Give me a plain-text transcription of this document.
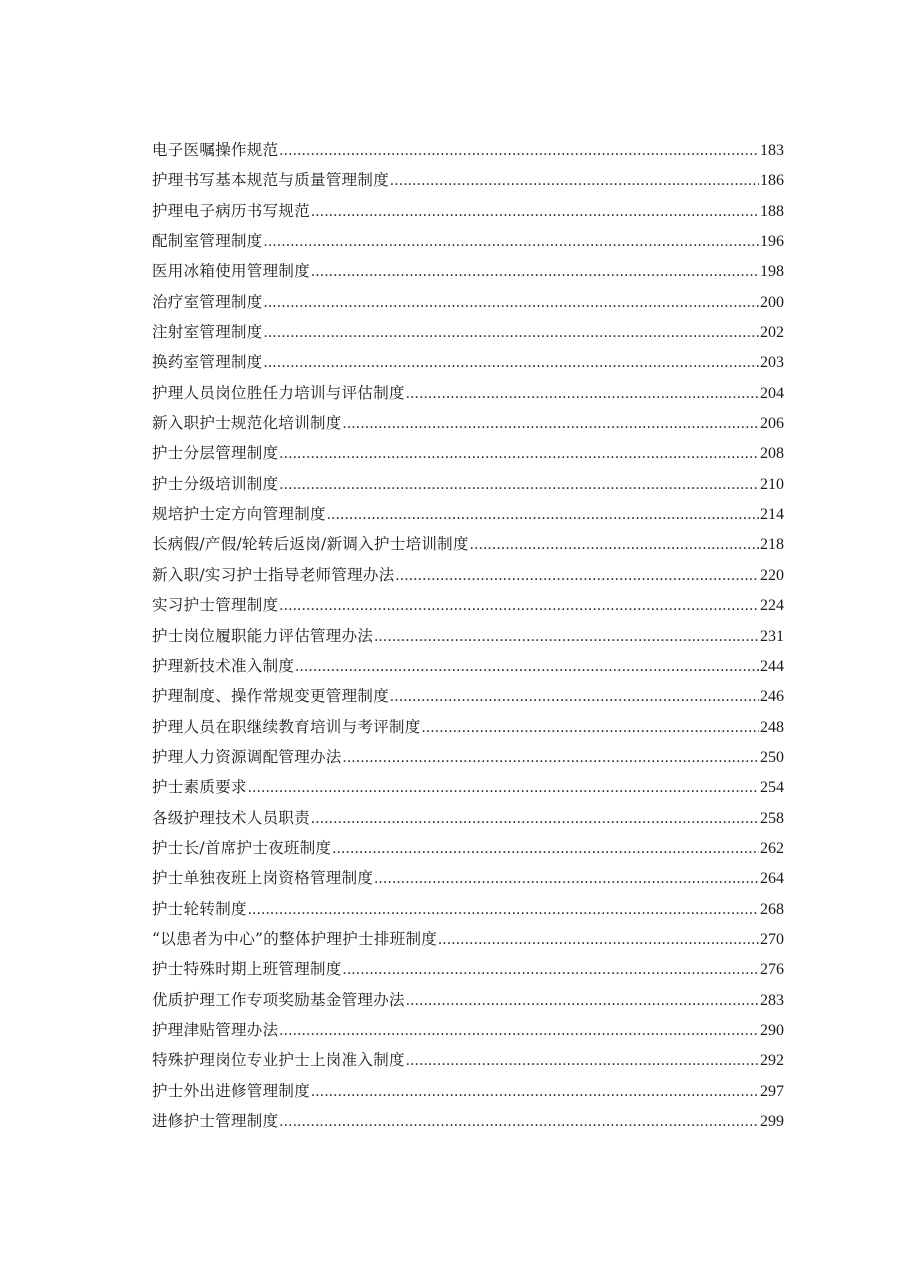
电子医嘱操作规范 .....	183
护理书写基本规范与质量管理制度 .....	186
护理电子病历书写规范 .....	188
配制室管理制度 .....	196
医用冰箱使用管理制度 .....	198
治疗室管理制度 .....	200
注射室管理制度 .....	202
换药室管理制度 .....	203
护理人员岗位胜任力培训与评估制度 .....	204
新入职护士规范化培训制度 .....	206
护士分层管理制度 .....	208
护士分级培训制度 .....	210
规培护士定方向管理制度 .....	214
长病假/产假/轮转后返岗/新调入护士培训制度 .....	218
新入职/实习护士指导老师管理办法 .....	220
实习护士管理制度 .....	224
护士岗位履职能力评估管理办法 .....	231
护理新技术准入制度 .....	244
护理制度、操作常规变更管理制度 .....	246
护理人员在职继续教育培训与考评制度 .....	248
护理人力资源调配管理办法 .....	250
护士素质要求 .....	254
各级护理技术人员职责 .....	258
护士长/首席护士夜班制度 .....	262
护士单独夜班上岗资格管理制度 .....	264
护士轮转制度 .....	268
“以患者为中心”的整体护理护士排班制度 .....	270
护士特殊时期上班管理制度 .....	276
优质护理工作专项奖励基金管理办法 .....	283
护理津贴管理办法 .....	290
特殊护理岗位专业护士上岗准入制度 .....	292
护士外出进修管理制度 .....	297
进修护士管理制度 .....	299
